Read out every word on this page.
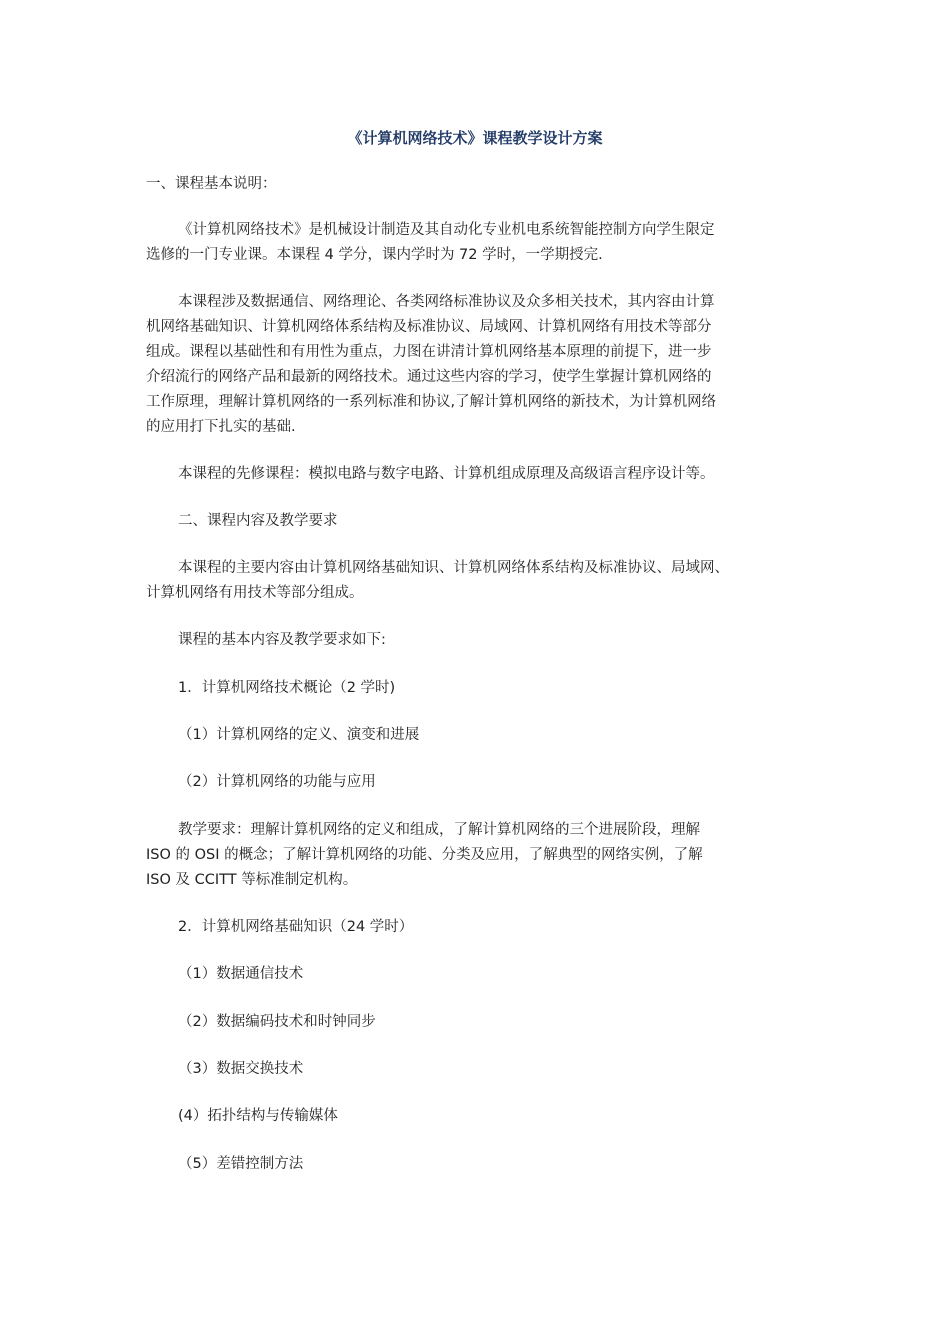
《计算机网络技术》课程教学设计方案

一、课程基本说明：

《计算机网络技术》是机械设计制造及其自动化专业机电系统智能控制方向学生限定
选修的一门专业课。本课程 4 学分，课内学时为 72 学时，一学期授完.

本课程涉及数据通信、网络理论、各类网络标准协议及众多相关技术，其内容由计算
机网络基础知识、计算机网络体系结构及标准协议、局域网、计算机网络有用技术等部分
组成。课程以基础性和有用性为重点，力图在讲清计算机网络基本原理的前提下，进一步
介绍流行的网络产品和最新的网络技术。通过这些内容的学习，使学生掌握计算机网络的
工作原理，理解计算机网络的一系列标准和协议,了解计算机网络的新技术，为计算机网络
的应用打下扎实的基础.

本课程的先修课程：模拟电路与数字电路、计算机组成原理及高级语言程序设计等。

二、课程内容及教学要求

本课程的主要内容由计算机网络基础知识、计算机网络体系结构及标准协议、局域网、
计算机网络有用技术等部分组成。

课程的基本内容及教学要求如下:

1．计算机网络技术概论（2 学时)

（1）计算机网络的定义、演变和进展

（2）计算机网络的功能与应用

教学要求：理解计算机网络的定义和组成，了解计算机网络的三个进展阶段，理解
ISO 的 OSI 的概念；了解计算机网络的功能、分类及应用，了解典型的网络实例，了解
ISO 及 CCITT 等标准制定机构。

2．计算机网络基础知识（24 学时）

（1）数据通信技术

（2）数据编码技术和时钟同步

（3）数据交换技术

(4）拓扑结构与传输媒体

（5）差错控制方法
